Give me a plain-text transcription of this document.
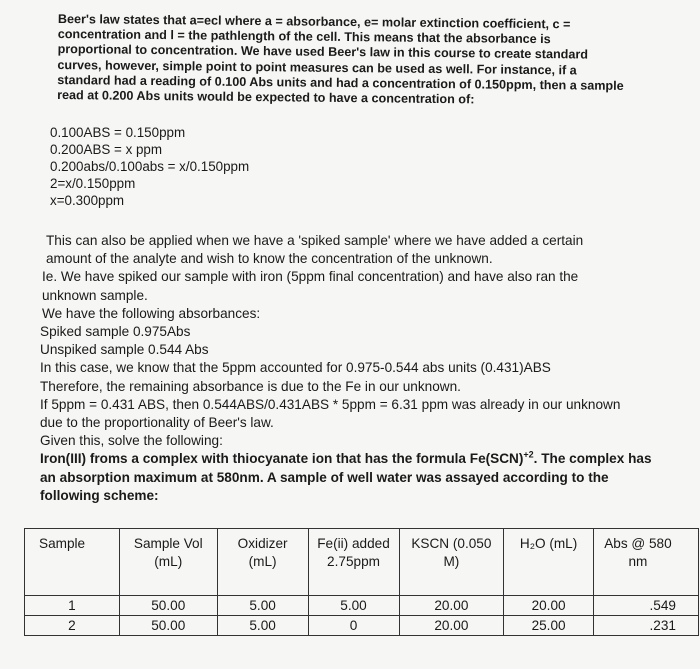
Beer's law states that a=ecl where a = absorbance, e= molar extinction coefficient, c =
concentration and l = the pathlength of the cell. This means that the absorbance is
proportional to concentration. We have used Beer's law in this course to create standard
curves, however, simple point to point measures can be used as well. For instance, if a
standard had a reading of 0.100 Abs units and had a concentration of 0.150ppm, then a sample
read at 0.200 Abs units would be expected to have a concentration of:
0.100ABS = 0.150ppm
0.200ABS = x ppm
0.200abs/0.100abs = x/0.150ppm
2=x/0.150ppm
x=0.300ppm
This can also be applied when we have a 'spiked sample' where we have added a certain
amount of the analyte and wish to know the concentration of the unknown.
Ie. We have spiked our sample with iron (5ppm final concentration) and have also ran the
unknown sample.
We have the following absorbances:
Spiked sample 0.975Abs
Unspiked sample 0.544 Abs
In this case, we know that the 5ppm accounted for 0.975-0.544 abs units (0.431)ABS
Therefore, the remaining absorbance is due to the Fe in our unknown.
If 5ppm = 0.431 ABS, then 0.544ABS/0.431ABS * 5ppm = 6.31 ppm was already in our unknown
due to the proportionality of Beer's law.
Given this, solve the following:
Iron(III) froms a complex with thiocyanate ion that has the formula Fe(SCN)$^{+2}$. The complex has
an absorption maximum at 580nm. A sample of well water was assayed according to the
following scheme:
Sample	Sample Vol (mL)	Oxidizer (mL)	Fe(ii) added 2.75ppm	KSCN (0.050 M)	H₂O (mL)	Abs @ 580 nm
1	50.00	5.00	5.00	20.00	20.00	.549
2	50.00	5.00	0	20.00	25.00	.231
